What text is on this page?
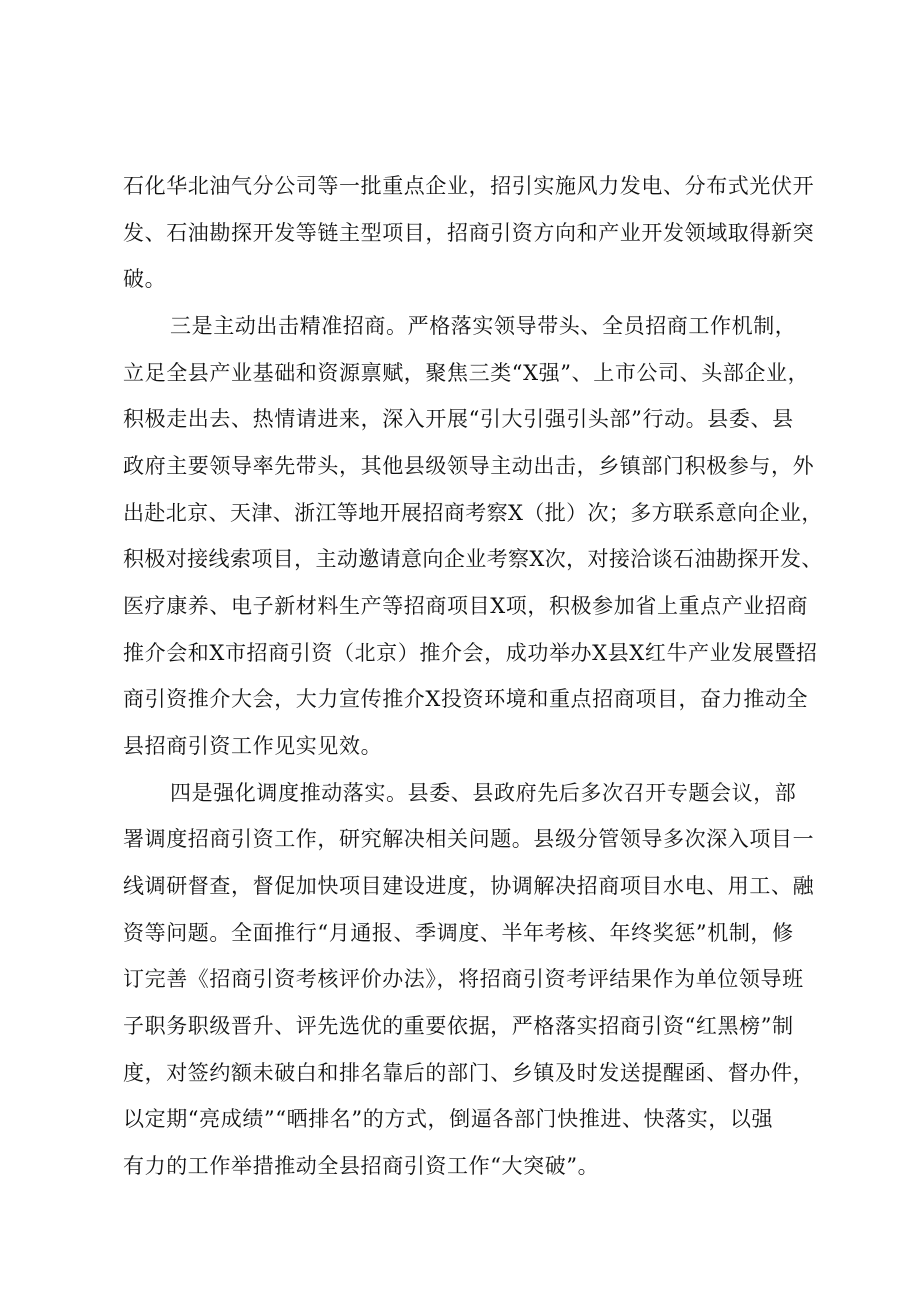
石化华北油气分公司等一批重点企业，招引实施风力发电、分布式光伏开
发、石油勘探开发等链主型项目，招商引资方向和产业开发领域取得新突
破。
三是主动出击精准招商。严格落实领导带头、全员招商工作机制，
立足全县产业基础和资源禀赋，聚焦三类“X强”、上市公司、头部企业，
积极走出去、热情请进来，深入开展“引大引强引头部”行动。县委、县
政府主要领导率先带头，其他县级领导主动出击，乡镇部门积极参与，外
出赴北京、天津、浙江等地开展招商考察X（批）次；多方联系意向企业，
积极对接线索项目，主动邀请意向企业考察X次，对接洽谈石油勘探开发、
医疗康养、电子新材料生产等招商项目X项，积极参加省上重点产业招商
推介会和X市招商引资（北京）推介会，成功举办X县X红牛产业发展暨招
商引资推介大会，大力宣传推介X投资环境和重点招商项目，奋力推动全
县招商引资工作见实见效。
四是强化调度推动落实。县委、县政府先后多次召开专题会议，部
署调度招商引资工作，研究解决相关问题。县级分管领导多次深入项目一
线调研督查，督促加快项目建设进度，协调解决招商项目水电、用工、融
资等问题。全面推行“月通报、季调度、半年考核、年终奖惩”机制，修
订完善《招商引资考核评价办法》，将招商引资考评结果作为单位领导班
子职务职级晋升、评先选优的重要依据，严格落实招商引资“红黑榜”制
度，对签约额未破白和排名靠后的部门、乡镇及时发送提醒函、督办件，
以定期“亮成绩”“晒排名”的方式，倒逼各部门快推进、快落实，以强
有力的工作举措推动全县招商引资工作“大突破”。
